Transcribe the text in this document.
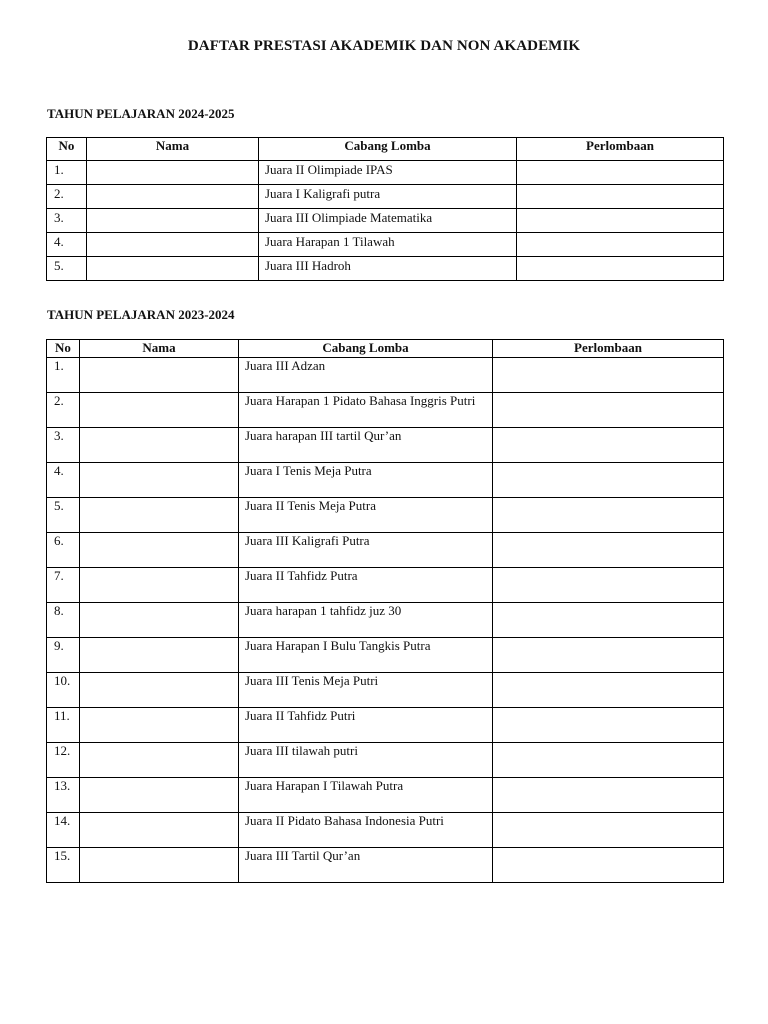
DAFTAR PRESTASI AKADEMIK DAN NON AKADEMIK
TAHUN PELAJARAN 2024-2025
No	Nama	Cabang Lomba	Perlombaan
1.		Juara II Olimpiade IPAS	
2.		Juara I Kaligrafi putra	
3.		Juara III Olimpiade Matematika	
4.		Juara Harapan 1 Tilawah	
5.		Juara III Hadroh	
TAHUN PELAJARAN 2023-2024
No	Nama	Cabang Lomba	Perlombaan
1.		Juara III Adzan	
2.		Juara Harapan 1 Pidato Bahasa Inggris Putri	
3.		Juara harapan III tartil Qur’an	
4.		Juara I Tenis Meja Putra	
5.		Juara II Tenis Meja Putra	
6.		Juara III Kaligrafi Putra	
7.		Juara II Tahfidz Putra	
8.		Juara harapan 1 tahfidz juz 30	
9.		Juara Harapan I Bulu Tangkis Putra	
10.		Juara III Tenis Meja Putri	
11.		Juara II Tahfidz Putri	
12.		Juara III tilawah putri	
13.		Juara Harapan I Tilawah Putra	
14.		Juara II Pidato Bahasa Indonesia Putri	
15.		Juara III Tartil Qur’an	
